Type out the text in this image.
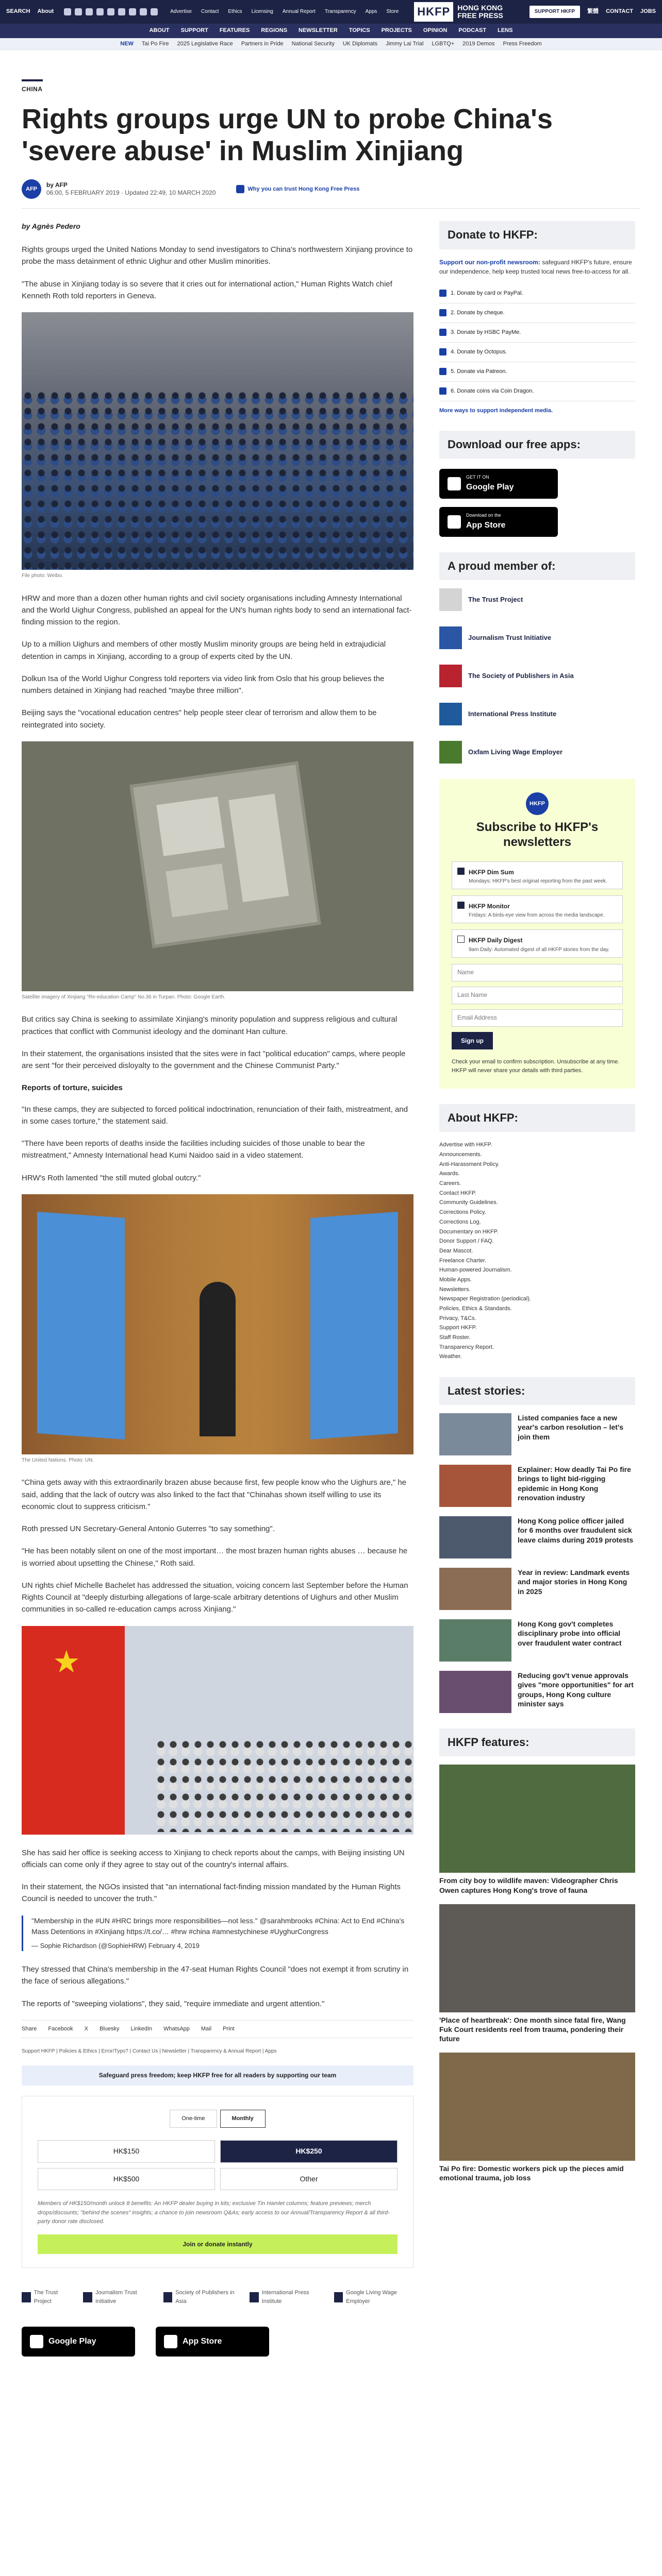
SEARCH About	Advertise Contact Ethics Licensing Annual Report Transparency Apps Store HKFP	HONG KONG
FREE PRESS	SUPPORT HKFP	繁體 CONTACT JOBS
ABOUT SUPPORT FEATURES REGIONS NEWSLETTER TOPICS PROJECTS OPINION PODCAST LENS
NEW Tai Po Fire 2025 Legislative Race Partners in Pride National Security UK Diplomats Jimmy Lai Trial LGBTQ+ 2019 Demos Press Freedom
CHINA
Rights groups urge UN to probe China's 'severe abuse' in Muslim Xinjiang
AFP
by AFP
06:00, 5 FEBRUARY 2019 · Updated 22:49, 10 MARCH 2020
Why you can trust Hong Kong Free Press
by Agnès Pedero

Rights groups urged the United Nations Monday to send investigators to China's northwestern Xinjiang province to probe the mass detainment of ethnic Uighur and other Muslim minorities.

"The abuse in Xinjiang today is so severe that it cries out for international action," Human Rights Watch chief Kenneth Roth told reporters in Geneva.

File photo: Weibo.

HRW and more than a dozen other human rights and civil society organisations including Amnesty International and the World Uighur Congress, published an appeal for the UN's human rights body to send an international fact-finding mission to the region.

Up to a million Uighurs and members of other mostly Muslim minority groups are being held in extrajudicial detention in camps in Xinjiang, according to a group of experts cited by the UN.

Dolkun Isa of the World Uighur Congress told reporters via video link from Oslo that his group believes the numbers detained in Xinjiang had reached "maybe three million".

Beijing says the "vocational education centres" help people steer clear of terrorism and allow them to be reintegrated into society.

Satellite imagery of Xinjiang "Re-education Camp" No.36 in Turpan. Photo: Google Earth.

But critics say China is seeking to assimilate Xinjiang's minority population and suppress religious and cultural practices that conflict with Communist ideology and the dominant Han culture.

In their statement, the organisations insisted that the sites were in fact "political education" camps, where people are sent "for their perceived disloyalty to the government and the Chinese Communist Party."

Reports of torture, suicides

"In these camps, they are subjected to forced political indoctrination, renunciation of their faith, mistreatment, and in some cases torture," the statement said.

"There have been reports of deaths inside the facilities including suicides of those unable to bear the mistreatment," Amnesty International head Kumi Naidoo said in a video statement.

HRW's Roth lamented "the still muted global outcry."

The United Nations. Photo: UN.

"China gets away with this extraordinarily brazen abuse because first, few people know who the Uighurs are," he said, adding that the lack of outcry was also linked to the fact that "Chinahas shown itself willing to use its economic clout to suppress criticism."

Roth pressed UN Secretary-General Antonio Guterres "to say something".

"He has been notably silent on one of the most important… the most brazen human rights abuses … because he is worried about upsetting the Chinese," Roth said.

UN rights chief Michelle Bachelet has addressed the situation, voicing concern last September before the Human Rights Council at "deeply disturbing allegations of large-scale arbitrary detentions of Uighurs and other Muslim communities in so-called re-education camps across Xinjiang."

★

She has said her office is seeking access to Xinjiang to check reports about the camps, with Beijing insisting UN officials can come only if they agree to stay out of the country's internal affairs.

In their statement, the NGOs insisted that "an international fact-finding mission mandated by the Human Rights Council is needed to uncover the truth."

"Membership in the #UN #HRC brings more responsibilities—not less." @sarahmbrooks #China: Act to End #China's Mass Detentions in #Xinjiang https://t.co/… #hrw #china #amnestychinese #UyghurCongress
— Sophie Richardson (@SophieHRW) February 4, 2019

They stressed that China's membership in the 47-seat Human Rights Council "does not exempt it from scrutiny in the face of serious allegations."

The reports of "sweeping violations", they said, "require immediate and urgent attention."

Share Facebook X Bluesky LinkedIn WhatsApp Mail Print
Support HKFP | Policies & Ethics | Error/Typo? | Contact Us | Newsletter | Transparency & Annual Report | Apps
Safeguard press freedom; keep HKFP free for all readers by supporting our team
One-time	Monthly
HK$150	HK$250
HK$500	Other
Members of HK$150/month unlock 8 benefits: An HKFP dealer buying in kits; exclusive Tin Hamlet columns; feature previews; merch drops/discounts; "behind the scenes" insights; a chance to join newsroom Q&As; early access to our Annual/Transparency Report & all third-party donor rate disclosed.
Join or donate instantly
The Trust Project
Journalism Trust Initiative
Society of Publishers in Asia
International Press Institute
Google Living Wage Employer
Google Play	App Store
Donate to HKFP:
Support our non-profit newsroom: safeguard HKFP's future, ensure our independence, help keep trusted local news free-to-access for all.
1. Donate by card or PayPal.
2. Donate by cheque.
3. Donate by HSBC PayMe.
4. Donate by Octopus.
5. Donate via Patreon.
6. Donate coins via Coin Dragon.
More ways to support independent media.
Download our free apps:
GET IT ON
Google Play
Download on the
App Store
A proud member of:
The Trust Project
Journalism Trust Initiative
The Society of Publishers in Asia
International Press Institute
Oxfam Living Wage Employer
HKFP
Subscribe to HKFP's newsletters
HKFP Dim Sum

Mondays: HKFP's best original reporting from the past week.

HKFP Monitor

Fridays: A birds-eye view from across the media landscape.

HKFP Daily Digest

9am Daily: Automated digest of all HKFP stories from the day.

Name
Last Name
Email Address
Sign up
Check your email to confirm subscription. Unsubscribe at any time. HKFP will never share your details with third parties.
About HKFP:
Advertise with HKFP.
Announcements.
Anti-Harassment Policy.
Awards.
Careers.
Contact HKFP.
Community Guidelines.
Corrections Policy.
Corrections Log.
Documentary on HKFP.
Donor Support / FAQ.
Dear Mascot.
Freelance Charter.
Human-powered Journalism.
Mobile Apps.
Newsletters.
Newspaper Registration (periodical).
Policies, Ethics & Standards.
Privacy, T&Cs.
Support HKFP.
Staff Roster.
Transparency Report.
Weather.
Latest stories:
Listed companies face a new year's carbon resolution – let's join them
Explainer: How deadly Tai Po fire brings to light bid-rigging epidemic in Hong Kong renovation industry
Hong Kong police officer jailed for 6 months over fraudulent sick leave claims during 2019 protests
Year in review: Landmark events and major stories in Hong Kong in 2025
Hong Kong gov't completes disciplinary probe into official over fraudulent water contract
Reducing gov't venue approvals gives "more opportunities" for art groups, Hong Kong culture minister says
HKFP features:
From city boy to wildlife maven: Videographer Chris Owen captures Hong Kong's trove of fauna
'Place of heartbreak': One month since fatal fire, Wang Fuk Court residents reel from trauma, pondering their future
Tai Po fire: Domestic workers pick up the pieces amid emotional trauma, job loss
